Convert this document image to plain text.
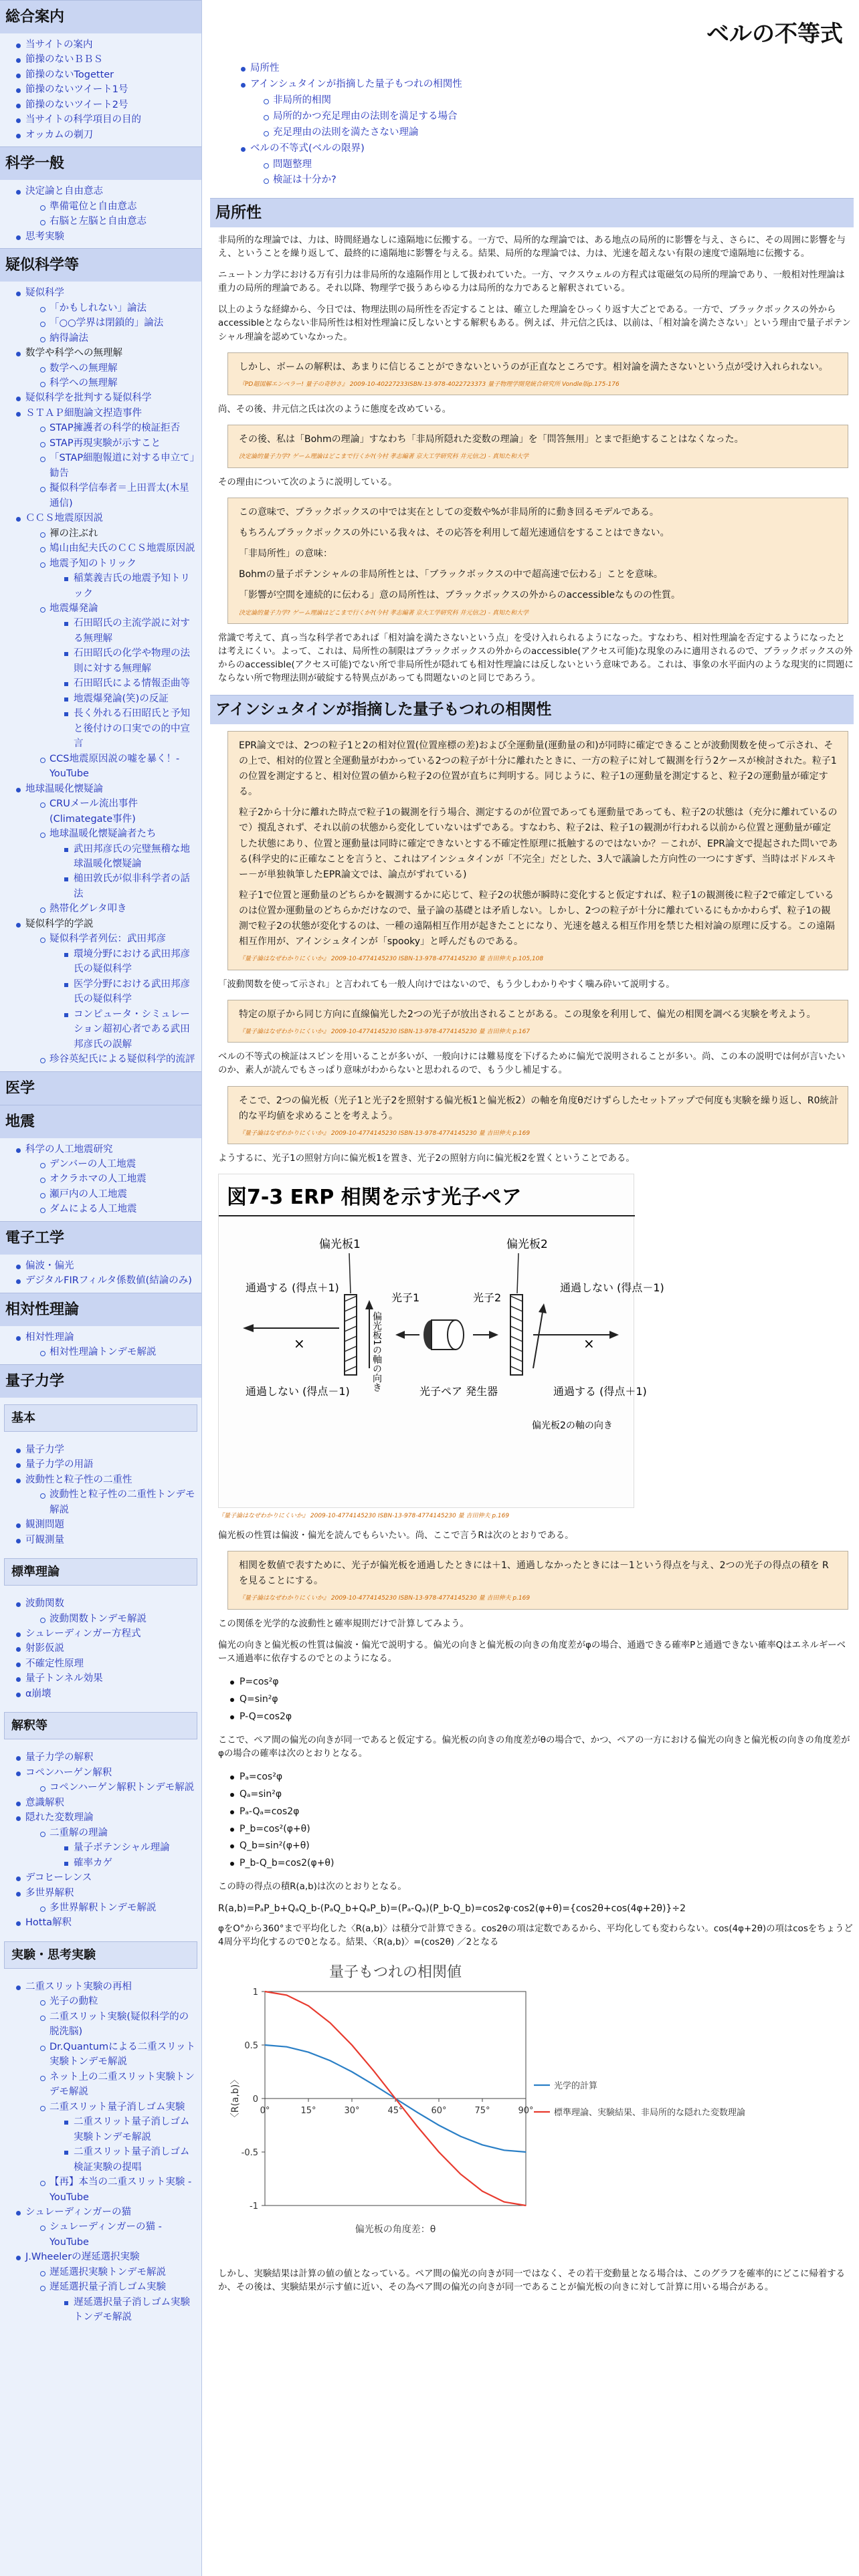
総合案内
当サイトの案内
節操のないＢＢＳ
節操のないTogetter
節操のないツイート1号
節操のないツイート2号
当サイトの科学項目の目的
オッカムの剃刀
科学一般
決定論と自由意志
準備電位と自由意志
右脳と左脳と自由意志
思考実験
疑似科学等
疑似科学
「かもしれない」論法
「○○学界は閉鎖的」論法
納得論法
数学や科学への無理解
数学への無理解
科学への無理解
疑似科学を批判する疑似科学
ＳＴＡＰ細胞論文捏造事件
STAP擁護者の科学的検証拒否
STAP再現実験が示すこと
「STAP細胞報道に対する申立て」勧告
擬似科学信奉者＝上田晋太(木星通信)
ＣＣＳ地震原因説
褌の注ぶれ
鳩山由紀夫氏のＣＣＳ地震原因説
地震予知のトリック
稲葉義吉氏の地震予知トリック
地震爆発論
石田昭氏の主流学説に対する無理解
石田昭氏の化学や物理の法則に対する無理解
石田昭氏による情報歪曲等
地震爆発論(笑)の反証
長く外れる石田昭氏と予知と後付けの口実での的中宣言
CCS地震原因説の嘘を暴く！- YouTube
地球温暖化懐疑論
CRUメール流出事件(Climategate事件)
地球温暖化懐疑論者たち
武田邦彦氏の完璧無稽な地球温暖化懐疑論
槌田敦氏が似非科学者の話法
熱帯化グレタ叩き
疑似科学的学説
疑似科学者列伝：武田邦彦
環境分野における武田邦彦氏の疑似科学
医学分野における武田邦彦氏の疑似科学
コンピュータ・シミュレーション超初心者である武田邦彦氏の誤解
珍谷英紀氏による疑似科学的流評
医学
地震
科学の人工地震研究
デンバーの人工地震
オクラホマの人工地震
瀬戸内の人工地震
ダムによる人工地震
電子工学
偏波・偏光
デジタルFIRフィルタ係数値(結論のみ)
相対性理論
相対性理論
相対性理論トンデモ解説
量子力学
基本
量子力学
量子力学の用語
波動性と粒子性の二重性
波動性と粒子性の二重性トンデモ解説
観測問題
可観測量
標準理論
波動関数
波動関数トンデモ解説
シュレーディンガー方程式
射影仮説
不確定性原理
量子トンネル効果
α崩壊
解釈等
量子力学の解釈
コペンハーゲン解釈
コペンハーゲン解釈トンデモ解説
意識解釈
隠れた変数理論
二重解の理論
量子ポテンシャル理論
確率カゲ
デコヒーレンス
多世界解釈
多世界解釈トンデモ解説
Hotta解釈
実験・思考実験
二重スリット実験の再相
光子の動粒
二重スリット実験(疑似科学的の脱洗脳)
Dr.Quantumによる二重スリット実験トンデモ解説
ネット上の二重スリット実験トンデモ解説
二重スリット量子消しゴム実験
二重スリット量子消しゴム実験トンデモ解説
二重スリット量子消しゴム検証実験の提唱
【再】本当の二重スリット実験 - YouTube
シュレーディンガーの猫
シュレーディンガーの猫 - YouTube
J.Wheelerの遅延選択実験
遅延選択実験トンデモ解説
遅延選択量子消しゴム実験
遅延選択量子消しゴム実験トンデモ解説
ベルの不等式
局所性
アインシュタインが指摘した量子もつれの相関性
非局所的相関
局所的かつ充足理由の法則を満足する場合
充足理由の法則を満たさない理論
ベルの不等式(ベルの限界)
問題整理
検証は十分か?
局所性

非局所的な理論では、力は、時間経過なしに遠隔地に伝搬する。一方で、局所的な理論では、ある地点の局所的に影響を与え、さらに、その周囲に影響を与え、ということを繰り返して、最終的に遠隔地に影響を与える。結果、局所的な理論では、力は、光速を超えない有限の速度で遠隔地に伝搬する。

ニュートン力学における万有引力は非局所的な遠隔作用として扱われていた。一方、マクスウェルの方程式は電磁気の局所的理論であり、一般相対性理論は重力の局所的理論である。それ以降、物理学で扱うあらゆる力は局所的な力であると解釈されている。

以上のような経緯から、今日では、物理法則の局所性を否定することは、確立した理論をひっくり返す大ごとである。一方で、ブラックボックスの外からaccessibleとならない非局所性は相対性理論に反しないとする解釈もある。例えば、井元信之氏は、以前は、「相対論を満たさない」という理由で量子ポテンシャル理論を認めていなかった。

しかし、ボームの解釈は、あまりに信じることができないというのが正直なところです。相対論を満たさないという点が受け入れられない。

『PD超図解エンペラー! 量子の奇妙さ』 2009-10-40227233ISBN-13-978-4022723373 量子物理学開発統合研究所 Vondle版p.175-176

尚、その後、井元信之氏は次のように態度を改めている。

その後、私は「Bohmの理論」すなわち「非局所隠れた変数の理論」を「問答無用」とまで拒絶することはなくなった。

決定論的量子力学? ゲーム理論はどこまで行くか?(今村 孝志編著 京大工学研究科 井元信之) - 真知た和大学

その理由について次のように説明している。

この意味で、ブラックボックスの中では実在としての変数や%が非局所的に動き回るモデルである。

もちろんブラックボックスの外にいる我々は、その応答を利用して超光速通信をすることはできない。

「非局所性」の意味：

Bohmの量子ポテンシャルの非局所性とは、「ブラックボックスの中で超高速で伝わる」ことを意味。

「影響が空間を連続的に伝わる」意の局所性は、ブラックボックスの外からのaccessibleなものの性質。

決定論的量子力学? ゲーム理論はどこまで行くか?(今村 孝志編著 京大工学研究科 井元信之) - 真知た和大学

常識で考えて、真っ当な科学者であれば「相対論を満たさないという点」を受け入れられるようになった。すなわち、相対性理論を否定するようになったとは考えにくい。よって、これは、局所性の制限はブラックボックスの外からのaccessible(アクセス可能)な現象のみに適用されるので、ブラックボックスの外からのaccessible(アクセス可能)でない所で非局所性が隠れても相対性理論には反しないという意味である。これは、事象の水平面内のような現実的に問題にならない所で物理法則が破綻する特異点があっても問題ないのと同じであろう。

アインシュタインが指摘した量子もつれの相関性

EPR論文では、2つの粒子1と2の相対位置(位置座標の差)および全運動量(運動量の和)が同時に確定できることが波動関数を使って示され、その上で、相対的位置と全運動量がわかっている2つの粒子が十分に離れたときに、一方の粒子に対して観測を行う2ケースが検討された。粒子1の位置を測定すると、相対位置の値から粒子2の位置が直ちに判明する。同じように、粒子1の運動量を測定すると、粒子2の運動量が確定する。

粒子2から十分に離れた時点で粒子1の観測を行う場合、測定するのが位置であっても運動量であっても、粒子2の状態は（充分に離れているので）撹乱されず、それ以前の状態から変化していないはずである。すなわち、粒子2は、粒子1の観測が行われる以前から位置と運動量が確定した状態にあり、位置と運動量は同時に確定できないとする不確定性原理に抵触するのではないか？－これが、EPR論文で提起された問いである(科学史的に正確なことを言うと、これはアインシュタインが「不完全」だとした、3人で議論した方向性の一つにすぎず、当時はボドルスキー－が単独執筆したEPR論文では、論点がずれている)

粒子1で位置と運動量のどちらかを観測するかに応じて、粒子2の状態が瞬時に変化すると仮定すれば、粒子1の観測後に粒子2で確定しているのは位置か運動量のどちらかだけなので、量子論の基礎とは矛盾しない。しかし、2つの粒子が十分に離れているにもかかわらず、粒子1の観測で粒子2の状態が変化するのは、一種の遠隔相互作用が起きたことになり、光速を越える相互作用を禁じた相対論の原理に反する。この遠隔相互作用が、アインシュタインが「spooky」と呼んだものである。

『量子論はなぜわかりにくいか』 2009-10-4774145230 ISBN-13-978-4774145230 量 吉田伸夫 p.105,108

「波動関数を使って示され」と言われても一般人向けではないので、もう少しわかりやすく噛み砕いて説明する。

特定の原子から同じ方向に直線偏光した2つの光子が放出されることがある。この現象を利用して、偏光の相関を調べる実験を考えよう。

『量子論はなぜわかりにくいか』 2009-10-4774145230 ISBN-13-978-4774145230 量 吉田伸夫 p.167

ベルの不等式の検証はスピンを用いることが多いが、一般向けには難易度を下げるために偏光で説明されることが多い。尚、この本の説明では何が言いたいのか、素人が読んでもさっぱり意味がわからないと思われるので、もう少し補足する。

そこで、2つの偏光板（光子1と光子2を照射する偏光板1と偏光板2）の軸を角度θだけずらしたセットアップで何度も実験を繰り返し、R0統計的な平均値を求めることを考えよう。

『量子論はなぜわかりにくいか』 2009-10-4774145230 ISBN-13-978-4774145230 量 吉田伸夫 p.169

ようするに、光子1の照射方向に偏光板1を置き、光子2の照射方向に偏光板2を置くということである。

図7-3 ERP 相関を示す光子ペア
偏光板1
通過する (得点＋1)
通過しない (得点－1)
×	偏光板1の軸の向き
光子1
光子ペア 発生器
光子2
偏光板2
偏光板2の軸の向き
通過しない (得点－1)
通過する (得点＋1)
×
『量子論はなぜわかりにくいか』 2009-10-4774145230 ISBN-13-978-4774145230 量 吉田伸夫 p.169

偏光板の性質は偏波・偏光を読んでもらいたい。尚、ここで言うRは次のとおりである。

相関を数値で表すために、光子が偏光板を通過したときには＋1、通過しなかったときには－1という得点を与え、2つの光子の得点の積を R を見ることにする。

『量子論はなぜわかりにくいか』 2009-10-4774145230 ISBN-13-978-4774145230 量 吉田伸夫 p.169

この関係を光学的な波動性と確率規則だけで計算してみよう。

偏光の向きと偏光板の性質は偏波・偏光で説明する。偏光の向きと偏光板の向きの角度差がφの場合、通過できる確率Pと通過できない確率Qはエネルギーベース通過率に依存するのでとのようになる。

P=cos²φ
Q=sin²φ
P-Q=cos2φ

ここで、ペア間の偏光の向きが同一であると仮定する。偏光板の向きの角度差がθの場合で、かつ、ペアの一方における偏光の向きと偏光板の向きの角度差がφの場合の確率は次のとおりとなる。

Pₐ=cos²φ
Qₐ=sin²φ
Pₐ-Qₐ=cos2φ
P_b=cos²(φ+θ)
Q_b=sin²(φ+θ)
P_b-Q_b=cos2(φ+θ)

この時の得点の積R(a,b)は次のとおりとなる。

R(a,b)=PₐP_b+QₐQ_b-(PₐQ_b+QₐP_b)=(Pₐ-Qₐ)(P_b-Q_b)=cos2φ·cos2(φ+θ)={cos2θ+cos(4φ+2θ)}÷2

φをO°から360°まで平均化した〈R(a,b)〉は積分で計算できる。cos2θの項は定数であるから、平均化しても変わらない。cos(4φ+2θ)の項はcosをちょうど4周分平均化するので0となる。結果、〈R(a,b)〉=(cos2θ) ／2となる

量子もつれの相関値
0°	15°	30°	45°	60°	75°	90°
1
0.5
0
-0.5
-1
偏光板の角度差：θ
〈R(a,b)〉	光学的計算
標準理論、実験結果、非局所的な隠れた変数理論

しかし、実験結果は計算の値の値となっている。ペア間の偏光の向きが同一ではなく、その若干変動量となる場合は、このグラフを確率的にどこに帰着するか、その後は、実験結果が示す値に近い、その為ペア間の偏光の向きが同一であることが偏光板の向きに対して計算に用いる場合がある。
